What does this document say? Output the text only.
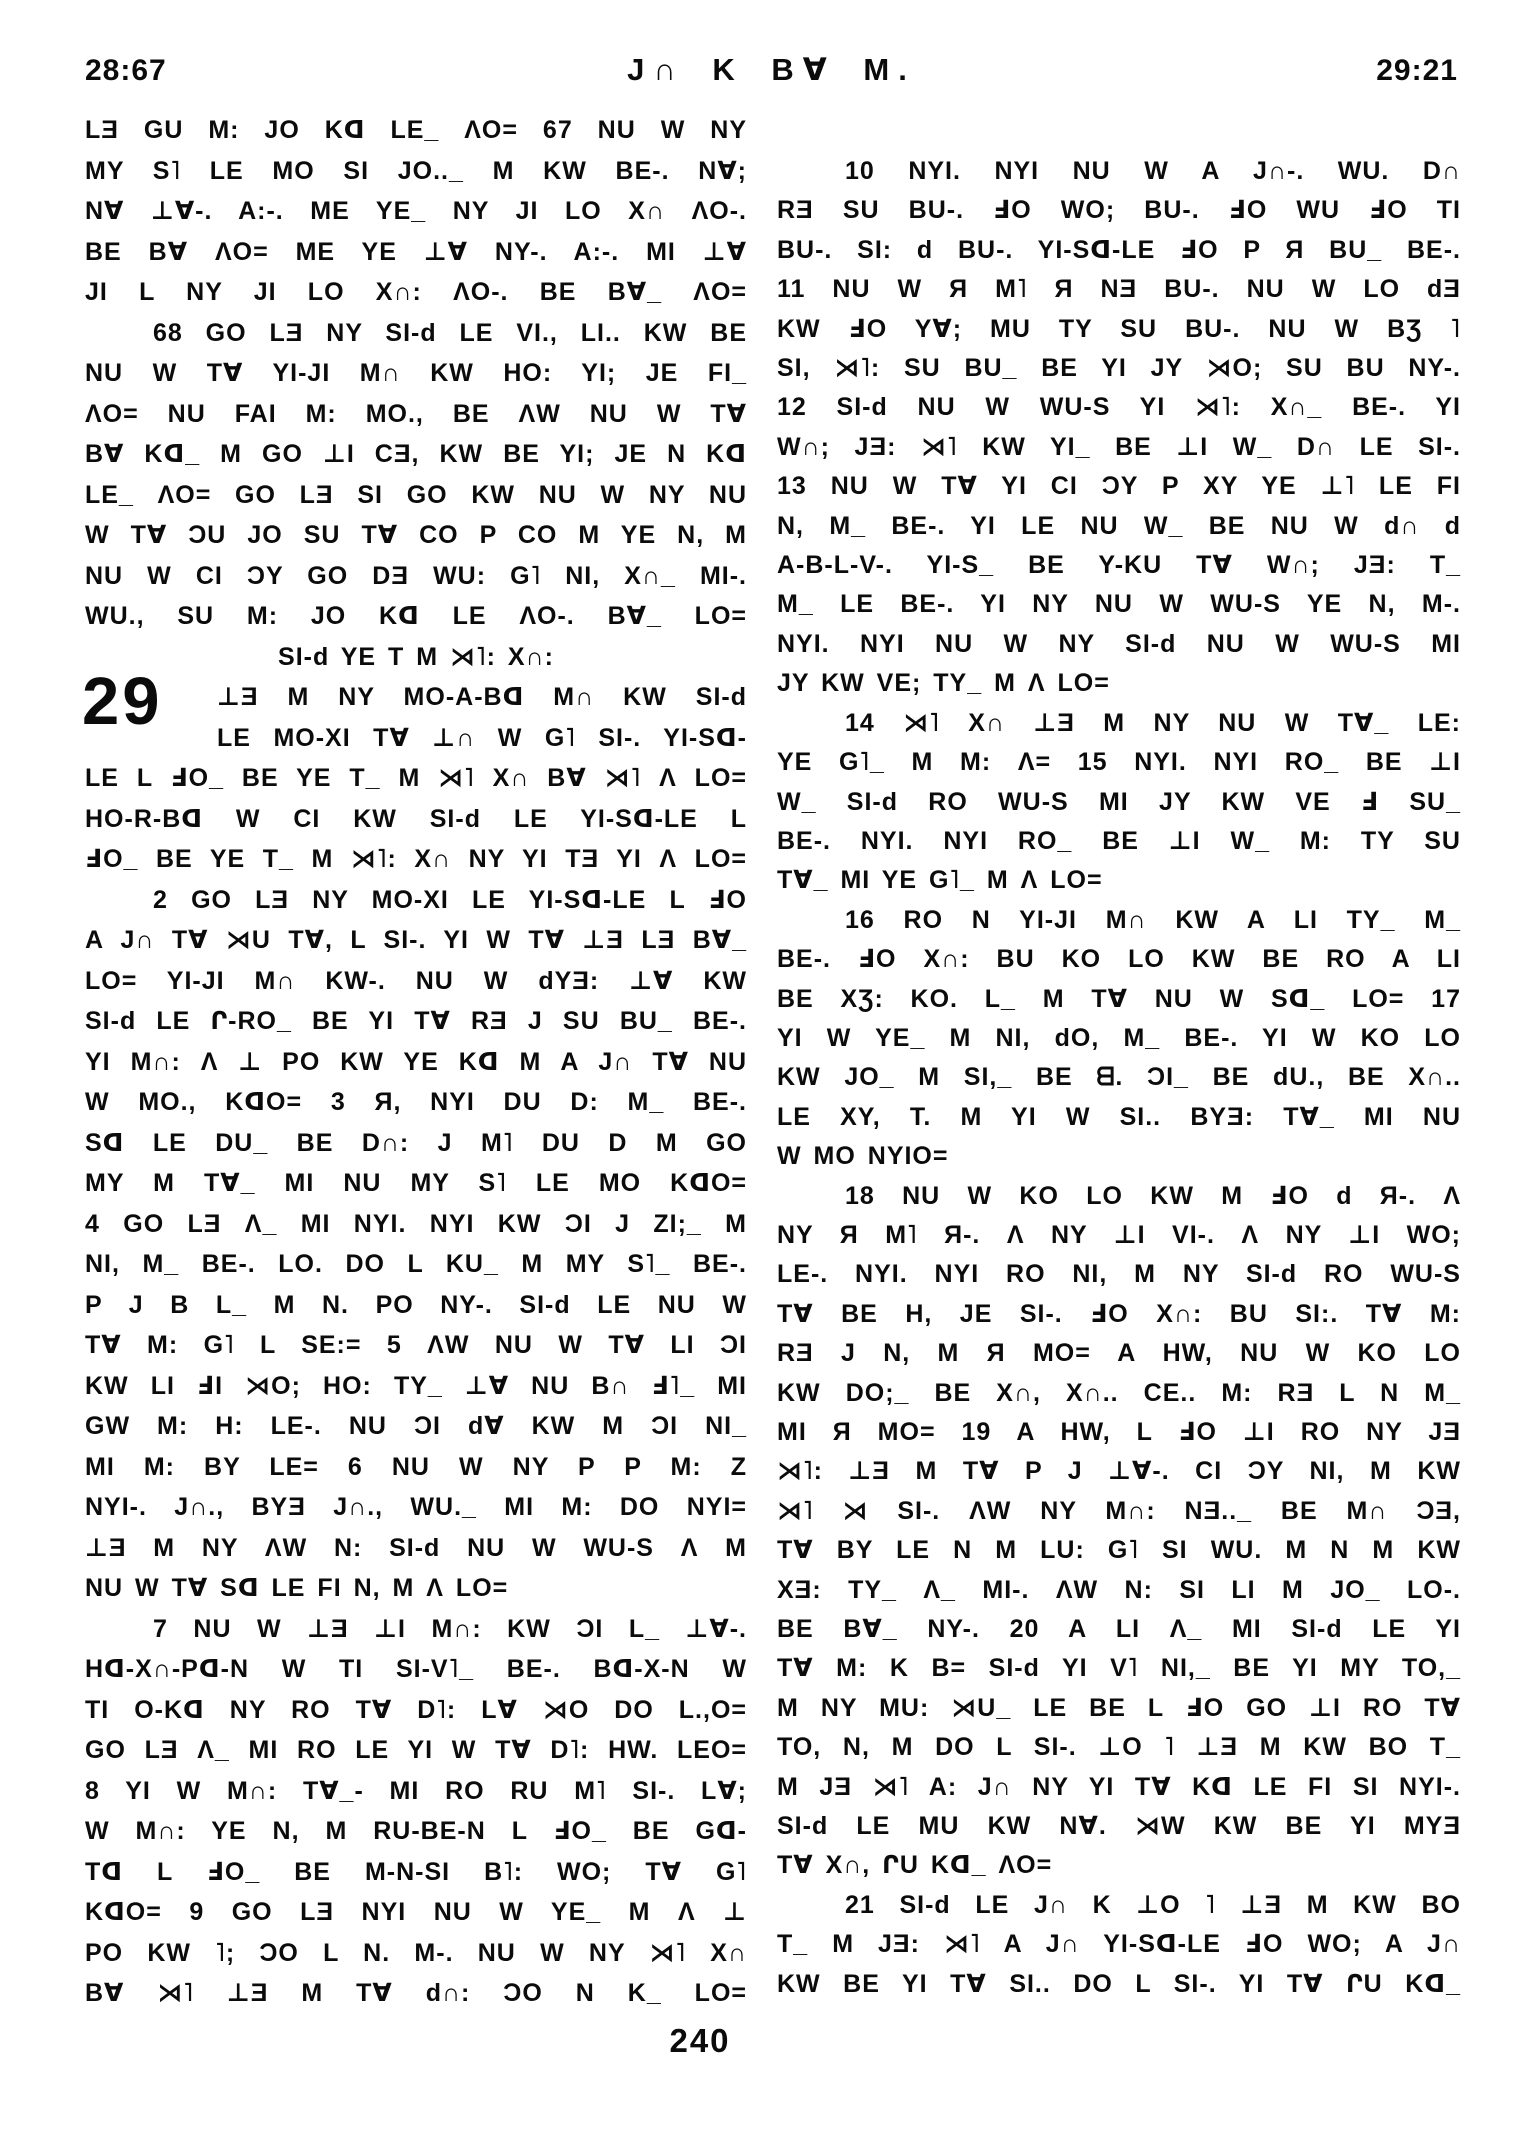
28:67	J∩ K B∀ M.	29:21
29
LƎ GU M: JO Kᗡ LE_ ΛO= 67 NU W NY
MY S˥ LE MO SI JO.._ M KW BE-. N∀;
N∀ ⊥∀-. A:-. ME YE_ NY JI LO X∩ ΛO-.
BE B∀ ΛO= ME YE ⊥∀ NY-. A:-. MI ⊥∀
JI L NY JI LO X∩: ΛO-. BE B∀_ ΛO=
68 GO LƎ NY SI-d LE VI., LI.. KW BE
NU W T∀ YI-JI M∩ KW HO: YI; JE FI_
ΛO= NU FAI M: MO., BE ΛW NU W T∀
B∀ Kᗡ_ M GO ⊥I CƎ, KW BE YI; JE N Kᗡ
LE_ ΛO= GO LƎ SI GO KW NU W NY NU
W T∀ ƆU JO SU T∀ CO P CO M YE N, M
NU W CI ƆY GO DƎ WU: G˥ NI, X∩_ MI-.
WU., SU M: JO Kᗡ LE ΛO-. B∀_ LO=
SI-d YE T M ⋊˥: X∩:
⊥Ǝ M NY MO-A-Bᗡ M∩ KW SI-d
LE MO-XI T∀ ⊥∩ W G˥ SI-. YI-Sᗡ-
LE L ℲO_ BE YE T_ M ⋊˥ X∩ B∀ ⋊˥ Λ LO=
HO-R-Bᗡ W CI KW SI-d LE YI-Sᗡ-LE L
ℲO_ BE YE T_ M ⋊˥: X∩ NY YI TƎ YI Λ LO=
2 GO LƎ NY MO-XI LE YI-Sᗡ-LE L ℲO
A J∩ T∀ ⋊U T∀, L SI-. YI W T∀ ⊥Ǝ LƎ B∀_
LO= YI-JI M∩ KW-. NU W dYƎ: ⊥∀ KW
SI-d LE Ր-RO_ BE YI T∀ RƎ J SU BU_ BE-.
YI M∩: Λ ⊥ PO KW YE Kᗡ M A J∩ T∀ NU
W MO., KᗡO= 3 Я, NYI DU D: M_ BE-.
Sᗡ LE DU_ BE D∩: J M˥ DU D M GO
MY M T∀_ MI NU MY S˥ LE MO KᗡO=
4 GO LƎ Λ_ MI NYI. NYI KW ƆI J ZI;_ M
NI, M_ BE-. LO. DO L KU_ M MY S˥_ BE-.
P J B L_ M N. PO NY-. SI-d LE NU W
T∀ M: G˥ L SE:= 5 ΛW NU W T∀ LI ƆI
KW LI ℲI ⋊O; HO: TY_ ⊥∀ NU B∩ Ⅎ˥_ MI
GW M: H: LE-. NU ƆI d∀ KW M ƆI NI_
MI M: BY LE= 6 NU W NY P P M: Z
NYI-. J∩., BYƎ J∩., WU._ MI M: DO NYI=
⊥Ǝ M NY ΛW N: SI-d NU W WU-S Λ M
NU W T∀ Sᗡ LE FI N, M Λ LO=
7 NU W ⊥Ǝ ⊥I M∩: KW ƆI L_ ⊥∀-.
Hᗡ-X∩-Pᗡ-N W TI SI-V˥_ BE-. Bᗡ-X-N W
TI O-Kᗡ NY RO T∀ D˥: L∀ ⋊O DO L.,O=
GO LƎ Λ_ MI RO LE YI W T∀ D˥: HW. LEO=
8 YI W M∩: T∀_- MI RO RU M˥ SI-. L∀;
W M∩: YE N, M RU-BE-N L ℲO_ BE Gᗡ-
Tᗡ L ℲO_ BE M-N-SI B˥: WO; T∀ G˥
KᗡO= 9 GO LƎ NYI NU W YE_ M Λ ⊥
PO KW ˥; ƆO L N. M-. NU W NY ⋊˥ X∩
B∀ ⋊˥ ⊥Ǝ M T∀ d∩: ƆO N K_ LO=
10 NYI. NYI NU W A J∩-. WU. D∩
RƎ SU BU-. ℲO WO; BU-. ℲO WU ℲO TI
BU-. SI: d BU-. YI-Sᗡ-LE ℲO P Я BU_ BE-.
11 NU W Я M˥ Я NƎ BU-. NU W LO dƎ
KW ℲO Y∀; MU TY SU BU-. NU W BƷ ˥
SI, ⋊˥: SU BU_ BE YI JY ⋊O; SU BU NY-.
12 SI-d NU W WU-S YI ⋊˥: X∩_ BE-. YI
W∩; JƎ: ⋊˥ KW YI_ BE ⊥I W_ D∩ LE SI-.
13 NU W T∀ YI CI ƆY P XY YE ⊥˥ LE FI
N, M_ BE-. YI LE NU W_ BE NU W d∩ d
A-B-L-V-. YI-S_ BE Y-KU T∀ W∩; JƎ: T_
M_ LE BE-. YI NY NU W WU-S YE N, M-.
NYI. NYI NU W NY SI-d NU W WU-S MI
JY KW VE; TY_ M Λ LO=
14 ⋊˥ X∩ ⊥Ǝ M NY NU W T∀_ LE:
YE G˥_ M M: Λ= 15 NYI. NYI RO_ BE ⊥I
W_ SI-d RO WU-S MI JY KW VE Ⅎ SU_
BE-. NYI. NYI RO_ BE ⊥I W_ M: TY SU
T∀_ MI YE G˥_ M Λ LO=
16 RO N YI-JI M∩ KW A LI TY_ M_
BE-. ℲO X∩: BU KO LO KW BE RO A LI
BE XƷ: KO. L_ M T∀ NU W Sᗡ_ LO= 17
YI W YE_ M NI, dO, M_ BE-. YI W KO LO
KW JO_ M SI,_ BE ᗺ. ƆI_ BE dU., BE X∩..
LE XY, T. M YI W SI.. BYƎ: T∀_ MI NU
W MO NYIO=
18 NU W KO LO KW M ℲO d Я-. Λ
NY Я M˥ Я-. Λ NY ⊥I VI-. Λ NY ⊥I WO;
LE-. NYI. NYI RO NI, M NY SI-d RO WU-S
T∀ BE H, JE SI-. ℲO X∩: BU SI:. T∀ M:
RƎ J N, M Я MO= A HW, NU W KO LO
KW DO;_ BE X∩, X∩.. CE.. M: RƎ L N M_
MI Я MO= 19 A HW, L ℲO ⊥I RO NY JƎ
⋊˥: ⊥Ǝ M T∀ P J ⊥∀-. CI ƆY NI, M KW
⋊˥ ⋊ SI-. ΛW NY M∩: NƎ.._ BE M∩ ƆƎ,
T∀ BY LE N M LU: G˥ SI WU. M N M KW
XƎ: TY_ Λ_ MI-. ΛW N: SI LI M JO_ LO-.
BE B∀_ NY-. 20 A LI Λ_ MI SI-d LE YI
T∀ M: K B= SI-d YI V˥ NI,_ BE YI MY TO,_
M NY MU: ⋊U_ LE BE L ℲO GO ⊥I RO T∀
TO, N, M DO L SI-. ⊥O ˥ ⊥Ǝ M KW BO T_
M JƎ ⋊˥ A: J∩ NY YI T∀ Kᗡ LE FI SI NYI-.
SI-d LE MU KW N∀. ⋊W KW BE YI MYƎ
T∀ X∩, ՐU Kᗡ_ ΛO=
21 SI-d LE J∩ K ⊥O ˥ ⊥Ǝ M KW BO
T_ M JƎ: ⋊˥ A J∩ YI-Sᗡ-LE ℲO WO; A J∩
KW BE YI T∀ SI.. DO L SI-. YI T∀ ՐU Kᗡ_
240
